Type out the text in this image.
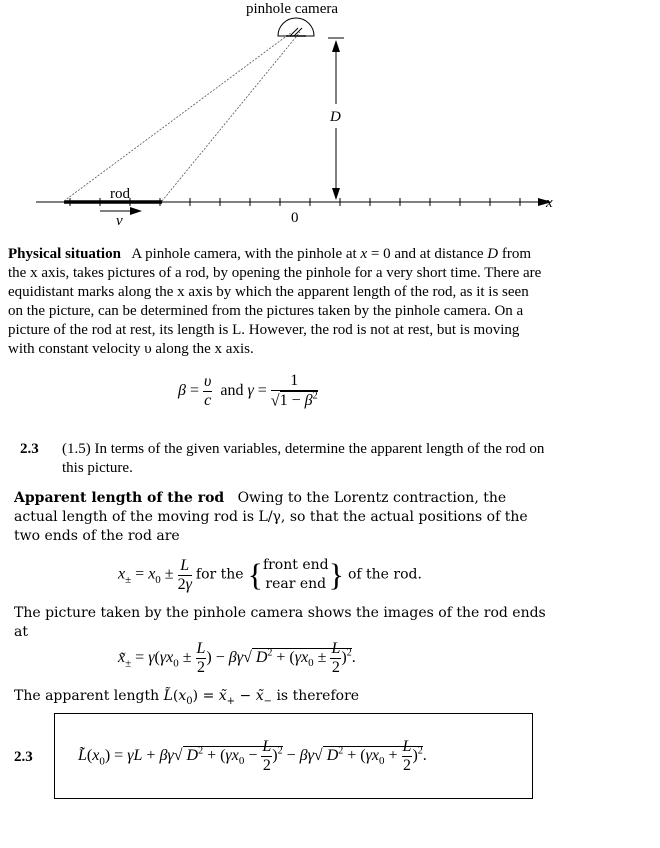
pinhole camera
D
rod
v	0
x
Physical situation A pinhole camera, with the pinhole at x = 0 and at distance D from
the x axis, takes pictures of a rod, by opening the pinhole for a very short time. There are
equidistant marks along the x axis by which the apparent length of the rod, as it is seen
on the picture, can be determined from the pictures taken by the pinhole camera. On a
picture of the rod at rest, its length is L. However, the rod is not at rest, but is moving
with constant velocity υ along the x axis.
$\beta = \frac{\upsilon}{c}$ and $\gamma = \frac{1}{√1 - \beta^2}$
2.3 (1.5) In terms of the given variables, determine the apparent length of the rod on
this picture.
Apparent length of the rod Owing to the Lorentz contraction, the
actual length of the moving rod is L/γ, so that the actual positions of the
two ends of the rod are
$x_\pm = x_0 \pm \frac{L}{2\gamma}$ for the {front end
rear end} of the rod.
The picture taken by the pinhole camera shows the images of the rod ends
at
$x̃_\pm = \gamma(\gamma x_0 \pm \frac{L}{2}$ ) − βγ√ $D^2 + (\gamma x_0 \pm \frac{L}{2} )^2$.
The apparent length $L̃(x_0)$ = $x̃_+$ − $x̃_-$ is therefore
2.3	$L̃(x_0) = \gamma L + \beta\gamma√$ $D^2 + (\gamma x_0 - \frac{L}{2} )^2 - \beta\gamma√$ $D^2 + (\gamma x_0 + \frac{L}{2} )^2$.
